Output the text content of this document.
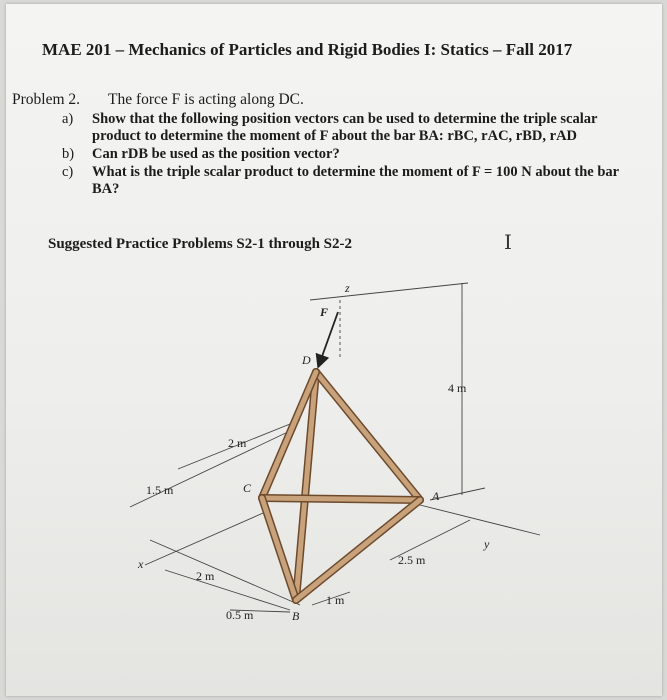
MAE 201 – Mechanics of Particles and Rigid Bodies I: Statics – Fall 2017
Problem 2. The force F is acting along DC.
a) Show that the following position vectors can be used to determine the triple scalar product to determine the moment of F about the bar BA: rBC, rAC, rBD, rAD
b) Can rDB be used as the position vector?
c) What is the triple scalar product to determine the moment of F = 100 N about the bar BA?
Suggested Practice Problems S2-1 through S2-2	I
z
x
y
F
D
C
A
B
4 m
2 m
1.5 m
2.5 m
2 m
0.5 m
1 m
